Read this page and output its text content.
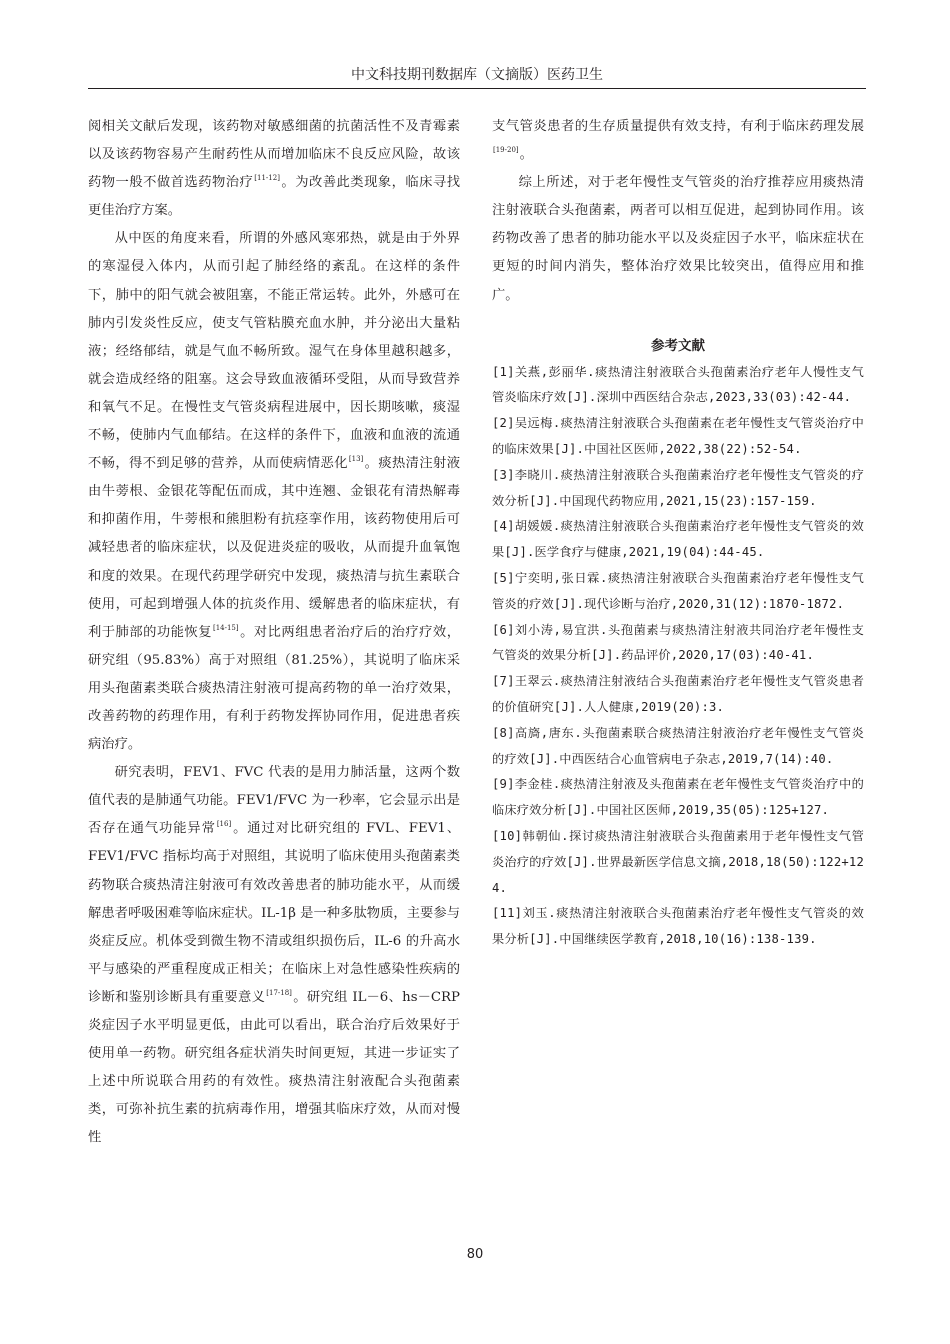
中文科技期刊数据库（文摘版）医药卫生

阅相关文献后发现，该药物对敏感细菌的抗菌活性不及青霉素以及该药物容易产生耐药性从而增加临床不良反应风险，故该药物一般不做首选药物治疗[11-12]。为改善此类现象，临床寻找更佳治疗方案。

从中医的角度来看，所谓的外感风寒邪热，就是由于外界的寒湿侵入体内，从而引起了肺经络的紊乱。在这样的条件下，肺中的阳气就会被阻塞，不能正常运转。此外，外感可在肺内引发炎性反应，使支气管粘膜充血水肿，并分泌出大量粘液；经络郁结，就是气血不畅所致。湿气在身体里越积越多，就会造成经络的阻塞。这会导致血液循环受阻，从而导致营养和氧气不足。在慢性支气管炎病程进展中，因长期咳嗽，痰湿不畅，使肺内气血郁结。在这样的条件下，血液和血液的流通不畅，得不到足够的营养，从而使病情恶化[13]。痰热清注射液由牛蒡根、金银花等配伍而成，其中连翘、金银花有清热解毒和抑菌作用，牛蒡根和熊胆粉有抗痉挛作用，该药物使用后可减轻患者的临床症状，以及促进炎症的吸收，从而提升血氧饱和度的效果。在现代药理学研究中发现，痰热清与抗生素联合使用，可起到增强人体的抗炎作用、缓解患者的临床症状，有利于肺部的功能恢复[14-15]。对比两组患者治疗后的治疗疗效，研究组（95.83%）高于对照组（81.25%），其说明了临床采用头孢菌素类联合痰热清注射液可提高药物的单一治疗效果，改善药物的药理作用，有利于药物发挥协同作用，促进患者疾病治疗。

研究表明，FEV1、FVC 代表的是用力肺活量，这两个数值代表的是肺通气功能。FEV1/FVC 为一秒率，它会显示出是否存在通气功能异常[16]。通过对比研究组的 FVL、FEV1、FEV1/FVC 指标均高于对照组，其说明了临床使用头孢菌素类药物联合痰热清注射液可有效改善患者的肺功能水平，从而缓解患者呼吸困难等临床症状。IL-1β 是一种多肽物质，主要参与炎症反应。机体受到微生物不清或组织损伤后，IL-6 的升高水平与感染的严重程度成正相关；在临床上对急性感染性疾病的诊断和鉴别诊断具有重要意义[17-18]。研究组 IL－6、hs－CRP 炎症因子水平明显更低，由此可以看出，联合治疗后效果好于使用单一药物。研究组各症状消失时间更短，其进一步证实了上述中所说联合用药的有效性。痰热清注射液配合头孢菌素类，可弥补抗生素的抗病毒作用，增强其临床疗效，从而对慢性

支气管炎患者的生存质量提供有效支持，有利于临床药理发展[19-20]。

综上所述，对于老年慢性支气管炎的治疗推荐应用痰热清注射液联合头孢菌素，两者可以相互促进，起到协同作用。该药物改善了患者的肺功能水平以及炎症因子水平，临床症状在更短的时间内消失，整体治疗效果比较突出，值得应用和推广。

参考文献

[1]关燕,彭丽华.痰热清注射液联合头孢菌素治疗老年人慢性支气管炎临床疗效[J].深圳中西医结合杂志,2023,33(03):42-44.

[2]吴远梅.痰热清注射液联合头孢菌素在老年慢性支气管炎治疗中的临床效果[J].中国社区医师,2022,38(22):52-54.

[3]李晓川.痰热清注射液联合头孢菌素治疗老年慢性支气管炎的疗效分析[J].中国现代药物应用,2021,15(23):157-159.

[4]胡媛媛.痰热清注射液联合头孢菌素治疗老年慢性支气管炎的效果[J].医学食疗与健康,2021,19(04):44-45.

[5]宁奕明,张日霖.痰热清注射液联合头孢菌素治疗老年慢性支气管炎的疗效[J].现代诊断与治疗,2020,31(12):1870-1872.

[6]刘小涛,易宜洪.头孢菌素与痰热清注射液共同治疗老年慢性支气管炎的效果分析[J].药品评价,2020,17(03):40-41.

[7]王翠云.痰热清注射液结合头孢菌素治疗老年慢性支气管炎患者的价值研究[J].人人健康,2019(20):3.

[8]高旖,唐东.头孢菌素联合痰热清注射液治疗老年慢性支气管炎的疗效[J].中西医结合心血管病电子杂志,2019,7(14):40.

[9]李金桂.痰热清注射液及头孢菌素在老年慢性支气管炎治疗中的临床疗效分析[J].中国社区医师,2019,35(05):125+127.

[10]韩朝仙.探讨痰热清注射液联合头孢菌素用于老年慢性支气管炎治疗的疗效[J].世界最新医学信息文摘,2018,18(50):122+124.

[11]刘玉.痰热清注射液联合头孢菌素治疗老年慢性支气管炎的效果分析[J].中国继续医学教育,2018,10(16):138-139.

80
